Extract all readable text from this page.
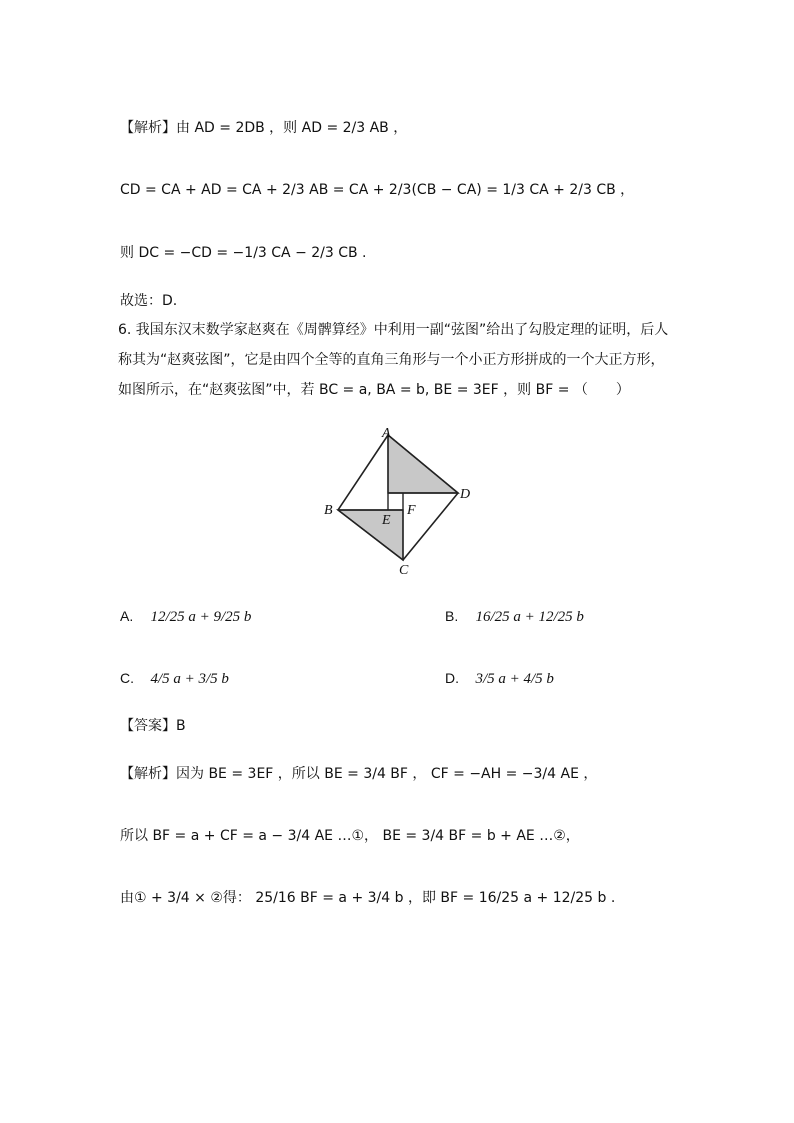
【解析】由 AD = 2DB ，则 AD = 2/3 AB ，
CD = CA + AD = CA + 2/3 AB = CA + 2/3(CB − CA) = 1/3 CA + 2/3 CB ，
则 DC = −CD = −1/3 CA − 2/3 CB .
故选：D.
6. 我国东汉末数学家赵爽在《周髀算经》中利用一副“弦图”给出了勾股定理的证明，后人称其为“赵爽弦图”，它是由四个全等的直角三角形与一个小正方形拼成的一个大正方形，如图所示，在“赵爽弦图”中，若 BC = a, BA = b, BE = 3EF ，则 BF = （　　）
A
B
C
D
E
F
A. 12/25 a + 9/25 b	B. 16/25 a + 12/25 b
C. 4/5 a + 3/5 b	D. 3/5 a + 4/5 b
【答案】B
【解析】因为 BE = 3EF ，所以 BE = 3/4 BF ， CF = −AH = −3/4 AE ，
所以 BF = a + CF = a − 3/4 AE …①， BE = 3/4 BF = b + AE …②，
由① + 3/4 × ②得： 25/16 BF = a + 3/4 b ，即 BF = 16/25 a + 12/25 b .
